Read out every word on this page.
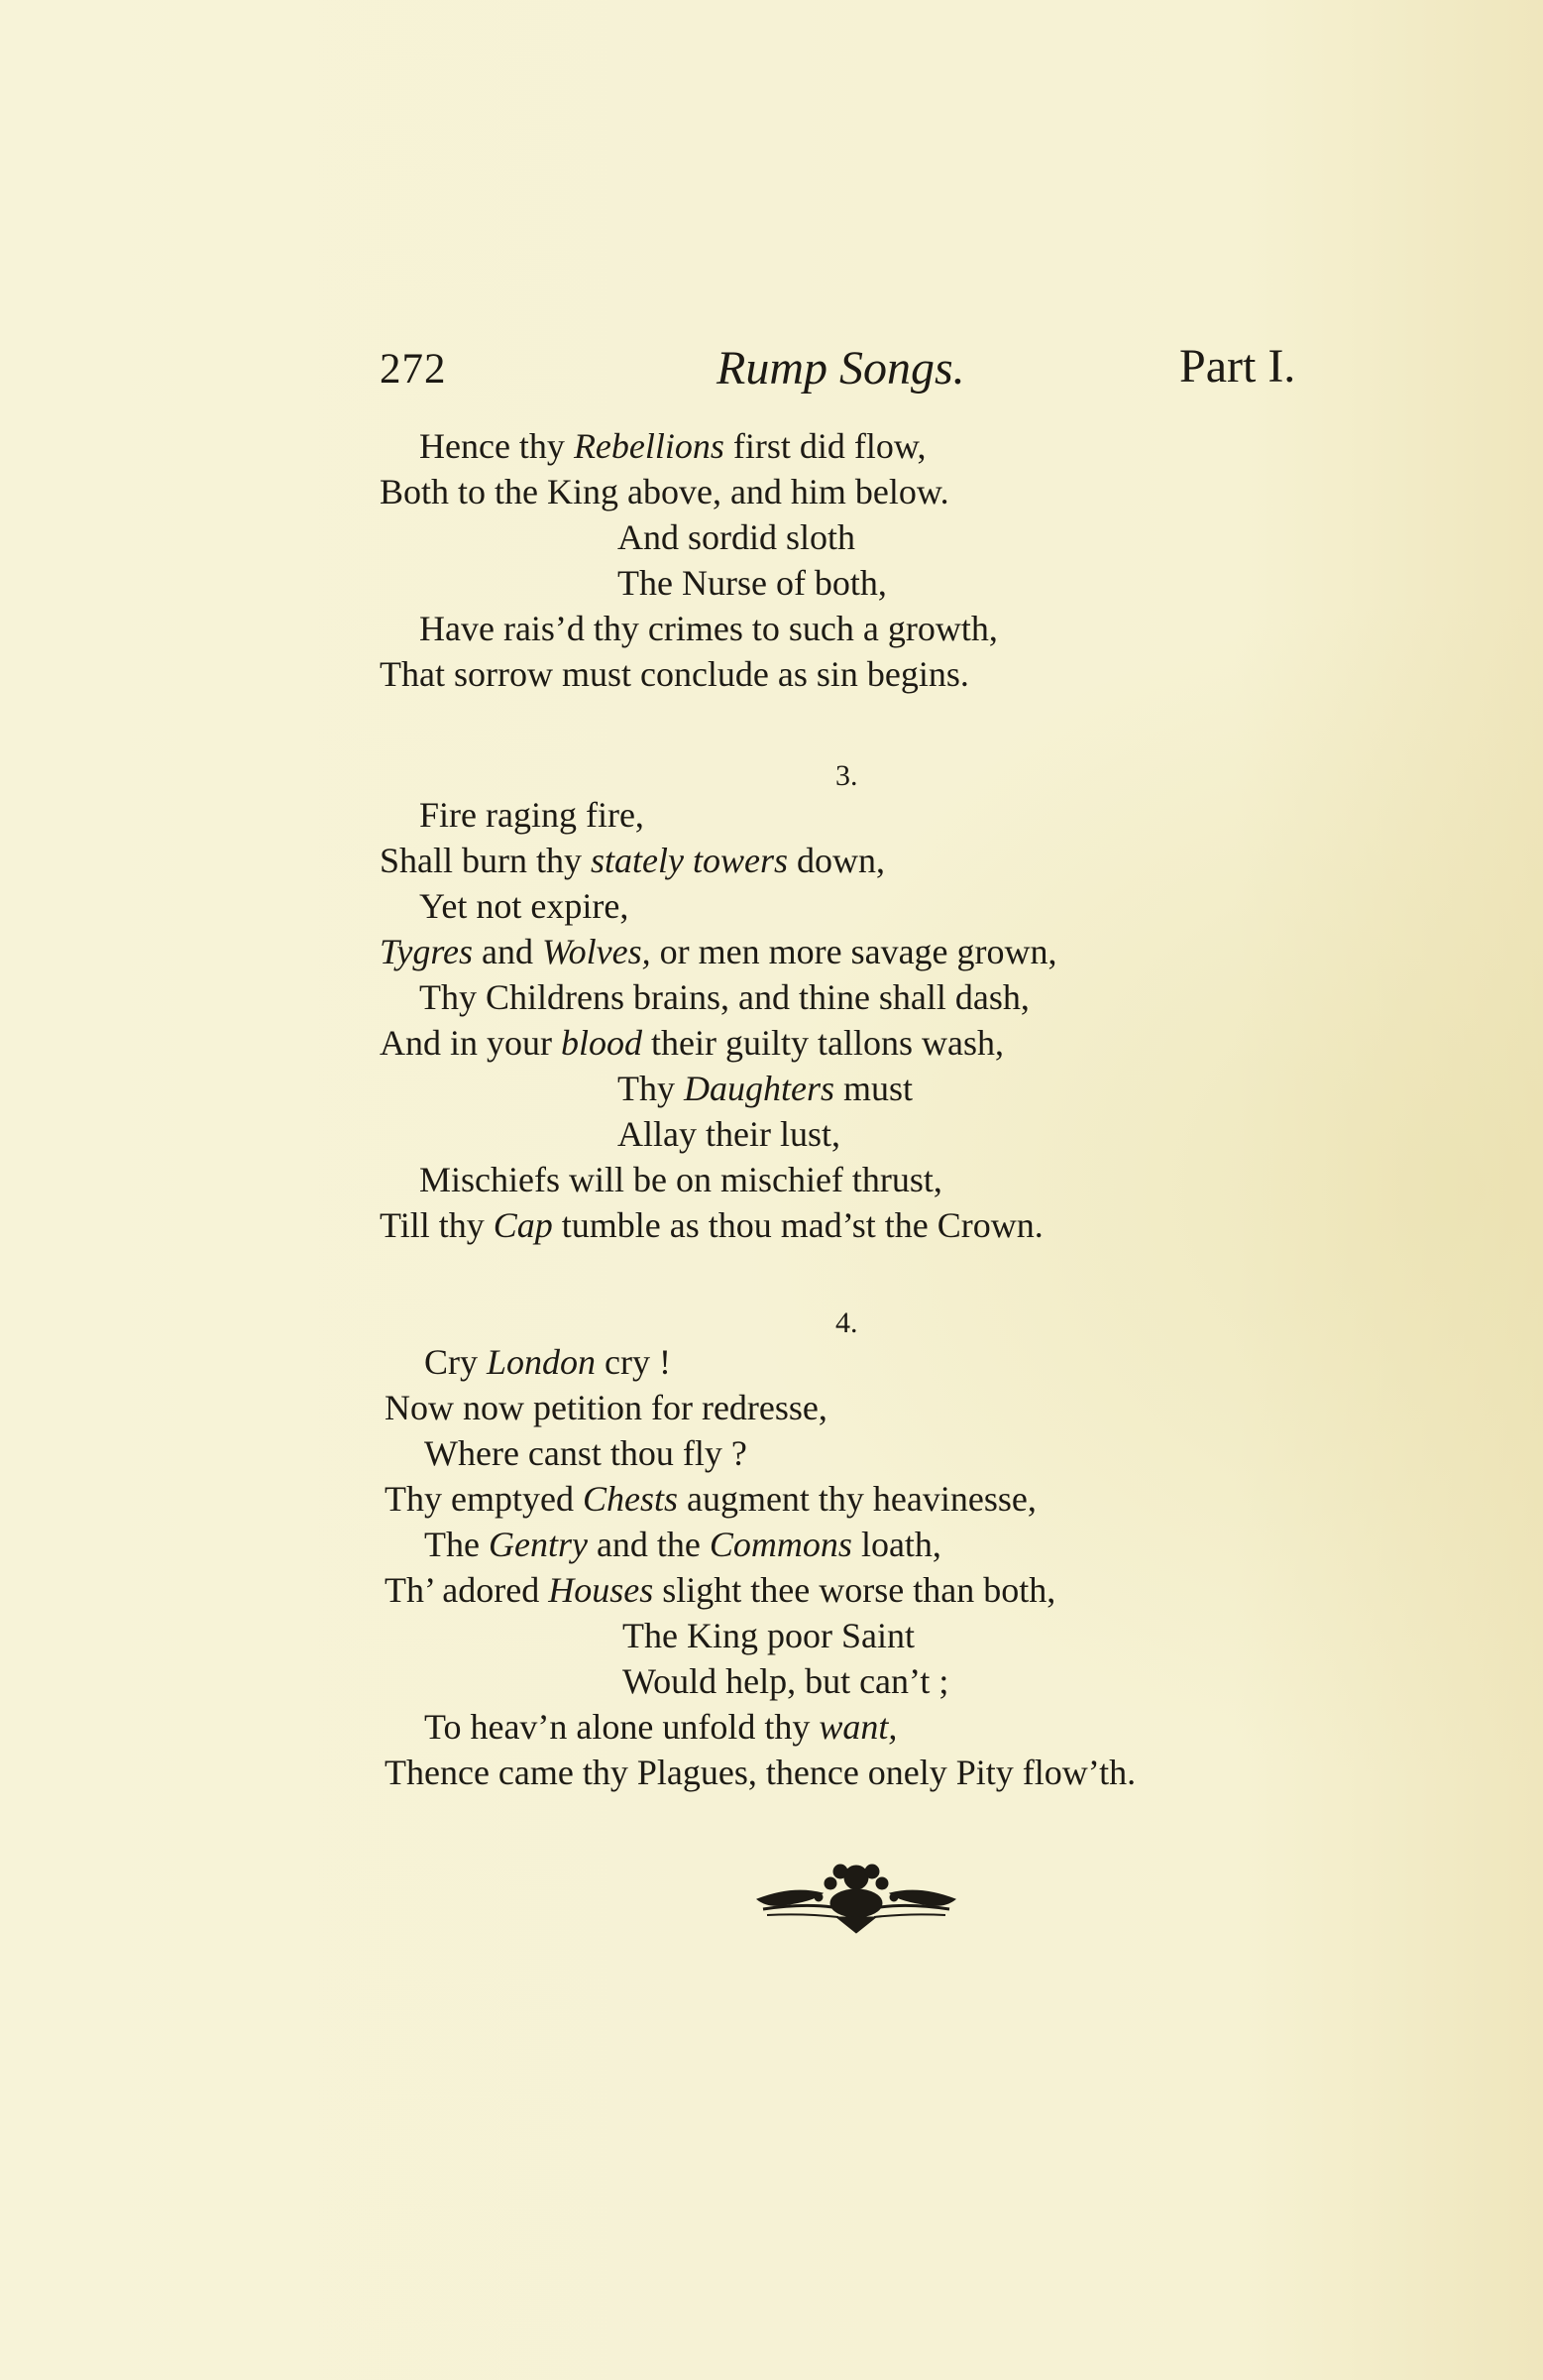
272	Rump Songs.	Part I.
Hence thy Rebellions first did flow,
Both to the King above, and him below.
And sordid sloth
The Nurse of both,
Have rais’d thy crimes to such a growth,
That sorrow must conclude as sin begins.
3.
Fire raging fire,
Shall burn thy stately towers down,
Yet not expire,
Tygres and Wolves, or men more savage grown,
Thy Childrens brains, and thine shall dash,
And in your blood their guilty tallons wash,
Thy Daughters must
Allay their lust,
Mischiefs will be on mischief thrust,
Till thy Cap tumble as thou mad’st the Crown.
4.
Cry London cry !
Now now petition for redresse,
Where canst thou fly ?
Thy emptyed Chests augment thy heavinesse,
The Gentry and the Commons loath,
Th’ adored Houses slight thee worse than both,
The King poor Saint
Would help, but can’t ;
To heav’n alone unfold thy want,
Thence came thy Plagues, thence onely Pity flow’th.
